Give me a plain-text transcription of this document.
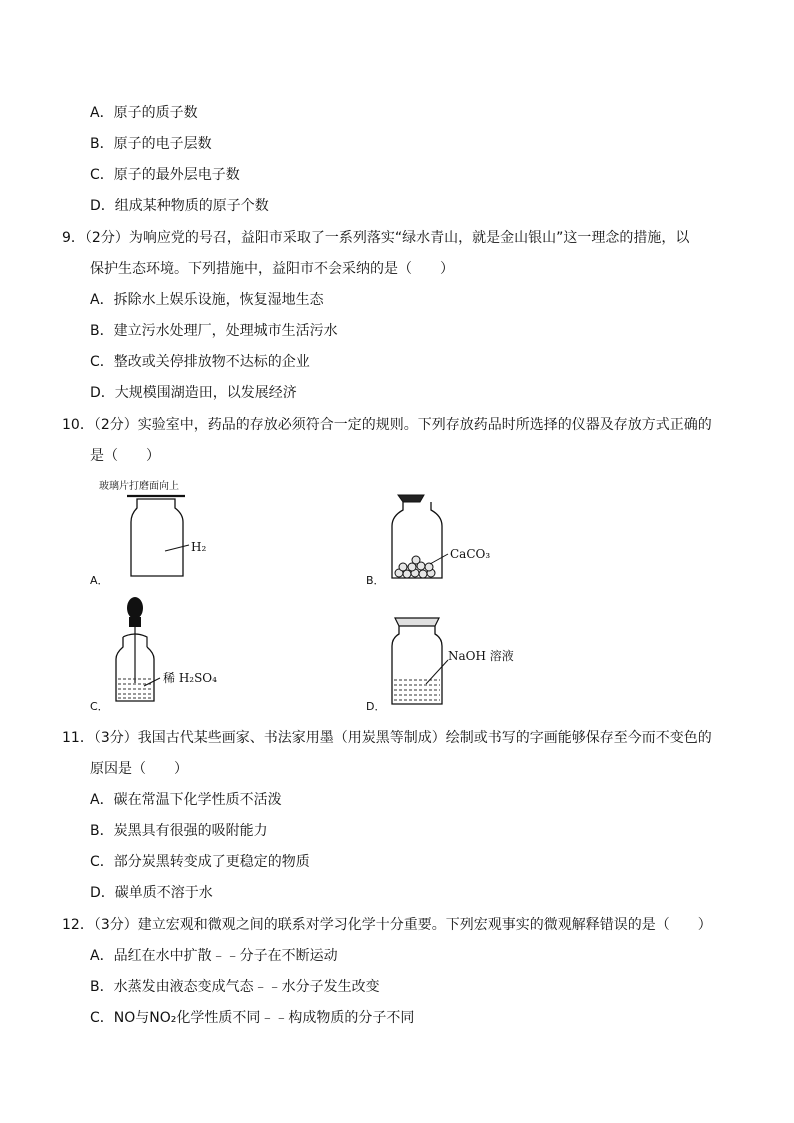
A．原子的质子数
B．原子的电子层数
C．原子的最外层电子数
D．组成某种物质的原子个数
9．（2分）为响应党的号召，益阳市采取了一系列落实“绿水青山，就是金山银山”这一理念的措施，以
保护生态环境。下列措施中，益阳市不会采纳的是（　　）
A．拆除水上娱乐设施，恢复湿地生态
B．建立污水处理厂，处理城市生活污水
C．整改或关停排放物不达标的企业
D．大规模围湖造田，以发展经济
10．（2分）实验室中，药品的存放必须符合一定的规则。下列存放药品时所选择的仪器及存放方式正确的
是（　　）
A．
玻璃片打磨面向上
H₂
B．
CaCO₃
C．
稀 H₂SO₄
D．
NaOH 溶液
11．（3分）我国古代某些画家、书法家用墨（用炭黑等制成）绘制或书写的字画能够保存至今而不变色的
原因是（　　）
A．碳在常温下化学性质不活泼
B．炭黑具有很强的吸附能力
C．部分炭黑转变成了更稳定的物质
D．碳单质不溶于水
12．（3分）建立宏观和微观之间的联系对学习化学十分重要。下列宏观事实的微观解释错误的是（　　）
A．品红在水中扩散﹣﹣分子在不断运动
B．水蒸发由液态变成气态﹣﹣水分子发生改变
C．NO与NO₂化学性质不同﹣﹣构成物质的分子不同
